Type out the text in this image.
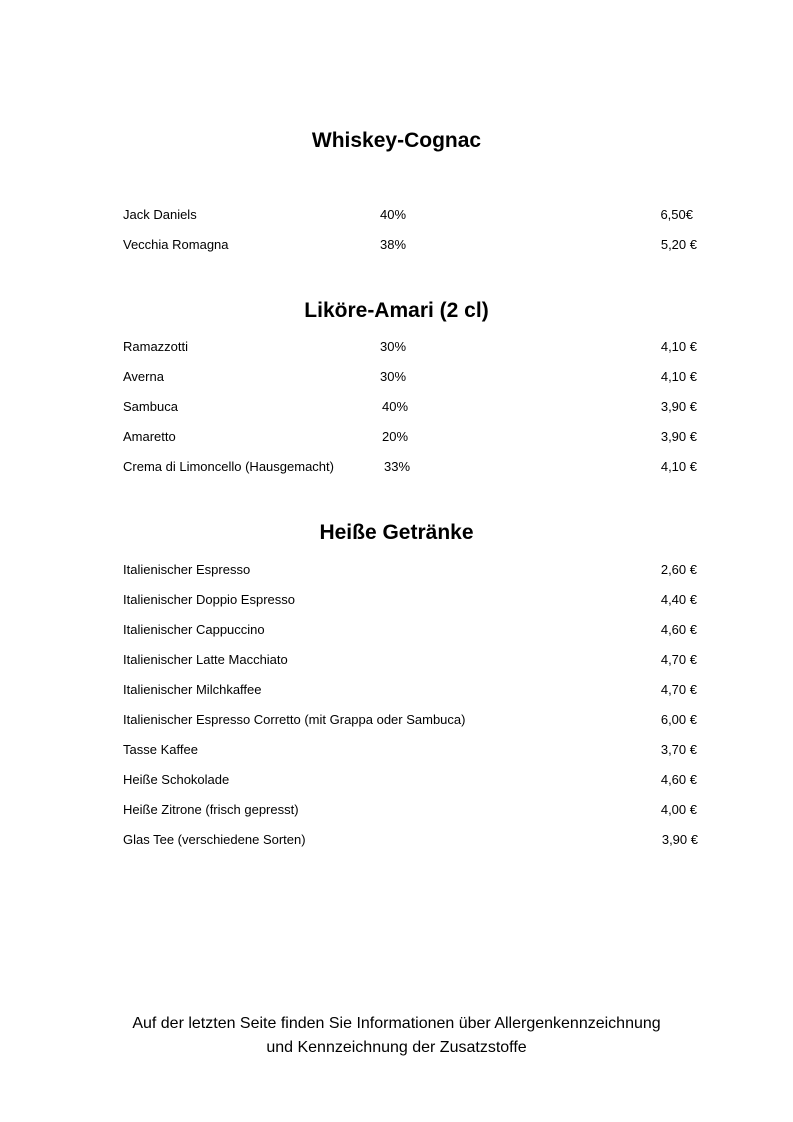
Whiskey-Cognac
Jack Daniels	40%	6,50€
Vecchia Romagna	38%	5,20 €
Liköre-Amari (2 cl)
Ramazzotti	30%	4,10 €
Averna	30%	4,10 €
Sambuca	40%	3,90 €
Amaretto	20%	3,90 €
Crema di Limoncello (Hausgemacht)	33%	4,10 €
Heiße Getränke
Italienischer Espresso	2,60 €
Italienischer Doppio Espresso	4,40 €
Italienischer Cappuccino	4,60 €
Italienischer Latte Macchiato	4,70 €
Italienischer Milchkaffee	4,70 €
Italienischer Espresso Corretto (mit Grappa oder Sambuca)	6,00 €
Tasse Kaffee	3,70 €
Heiße Schokolade	4,60 €
Heiße Zitrone (frisch gepresst)	4,00 €
Glas Tee (verschiedene Sorten)	3,90 €
Auf der letzten Seite finden Sie Informationen über Allergenkennzeichnung
und Kennzeichnung der Zusatzstoffe
